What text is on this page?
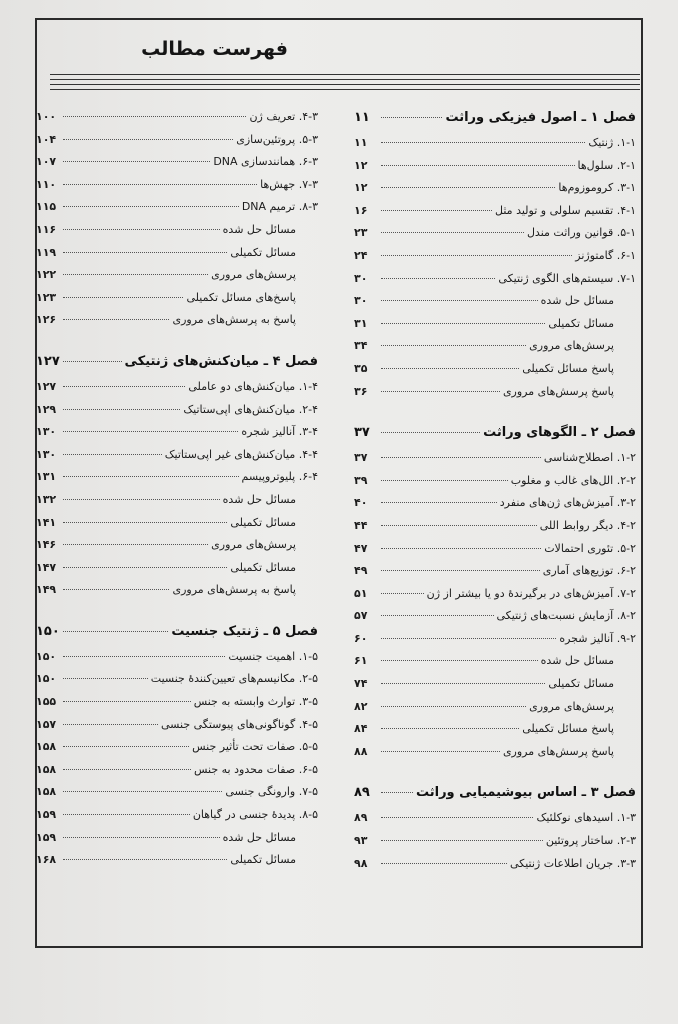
فهرست مطالب
فصل ۱ ـ اصول فیزیکی وراثت
۱۱
۱-۱. ژنتیک
۱۱
۲-۱. سلول‌ها
۱۲
۳-۱. کروموزوم‌ها
۱۲
۴-۱. تقسیم سلولی و تولید مثل
۱۶
۵-۱. قوانین وراثت مندل
۲۳
۶-۱. گامتوژنز
۲۴
۷-۱. سیستم‌های الگوی ژنتیکی
۳۰
مسائل حل شده
۳۰
مسائل تکمیلی
۳۱
پرسش‌های مروری
۳۴
پاسخ مسائل تکمیلی
۳۵
پاسخ پرسش‌های مروری
۳۶
فصل ۲ ـ الگوهای وراثت
۳۷
۱-۲. اصطلاح‌شناسی
۳۷
۲-۲. الل‌های غالب و مغلوب
۳۹
۳-۲. آمیزش‌های ژن‌های منفرد
۴۰
۴-۲. دیگر روابط اللی
۴۴
۵-۲. تئوری احتمالات
۴۷
۶-۲. توزیع‌های آماری
۴۹
۷-۲. آمیزش‌های در برگیرندهٔ دو یا بیشتر از ژن
۵۱
۸-۲. آزمایش نسبت‌های ژنتیکی
۵۷
۹-۲. آنالیز شجره
۶۰
مسائل حل شده
۶۱
مسائل تکمیلی
۷۴
پرسش‌های مروری
۸۲
پاسخ مسائل تکمیلی
۸۴
پاسخ پرسش‌های مروری
۸۸
فصل ۳ ـ اساس بیوشیمیایی وراثت
۸۹
۱-۳. اسیدهای نوکلئیک
۸۹
۲-۳. ساختار پروتئین
۹۳
۳-۳. جریان اطلاعات ژنتیکی
۹۸
۴-۳. تعریف ژن
۱۰۰
۵-۳. پروتئین‌سازی
۱۰۴
۶-۳. همانندسازی DNA
۱۰۷
۷-۳. جهش‌ها
۱۱۰
۸-۳. ترمیم DNA
۱۱۵
مسائل حل شده
۱۱۶
مسائل تکمیلی
۱۱۹
پرسش‌های مروری
۱۲۲
پاسخ‌های مسائل تکمیلی
۱۲۳
پاسخ به پرسش‌های مروری
۱۲۶
فصل ۴ ـ میان‌کنش‌های ژنتیکی
۱۲۷
۱-۴. میان‌کنش‌های دو عاملی
۱۲۷
۲-۴. میان‌کنش‌های اپی‌ستاتیک
۱۲۹
۳-۴. آنالیز شجره
۱۳۰
۴-۴. میان‌کنش‌های غیر اپی‌ستاتیک
۱۳۰
۶-۴. پلیوتروپیسم
۱۳۱
مسائل حل شده
۱۳۲
مسائل تکمیلی
۱۴۱
پرسش‌های مروری
۱۴۶
مسائل تکمیلی
۱۴۷
پاسخ به پرسش‌های مروری
۱۴۹
فصل ۵ ـ ژنتیک جنسیت
۱۵۰
۱-۵. اهمیت جنسیت
۱۵۰
۲-۵. مکانیسم‌های تعیین‌کنندهٔ جنسیت
۱۵۰
۳-۵. توارث وابسته به جنس
۱۵۵
۴-۵. گوناگونی‌های پیوستگی جنسی
۱۵۷
۵-۵. صفات تحت تأثیر جنس
۱۵۸
۶-۵. صفات محدود به جنس
۱۵۸
۷-۵. وارونگی جنسی
۱۵۸
۸-۵. پدیدهٔ جنسی در گیاهان
۱۵۹
مسائل حل شده
۱۵۹
مسائل تکمیلی
۱۶۸
